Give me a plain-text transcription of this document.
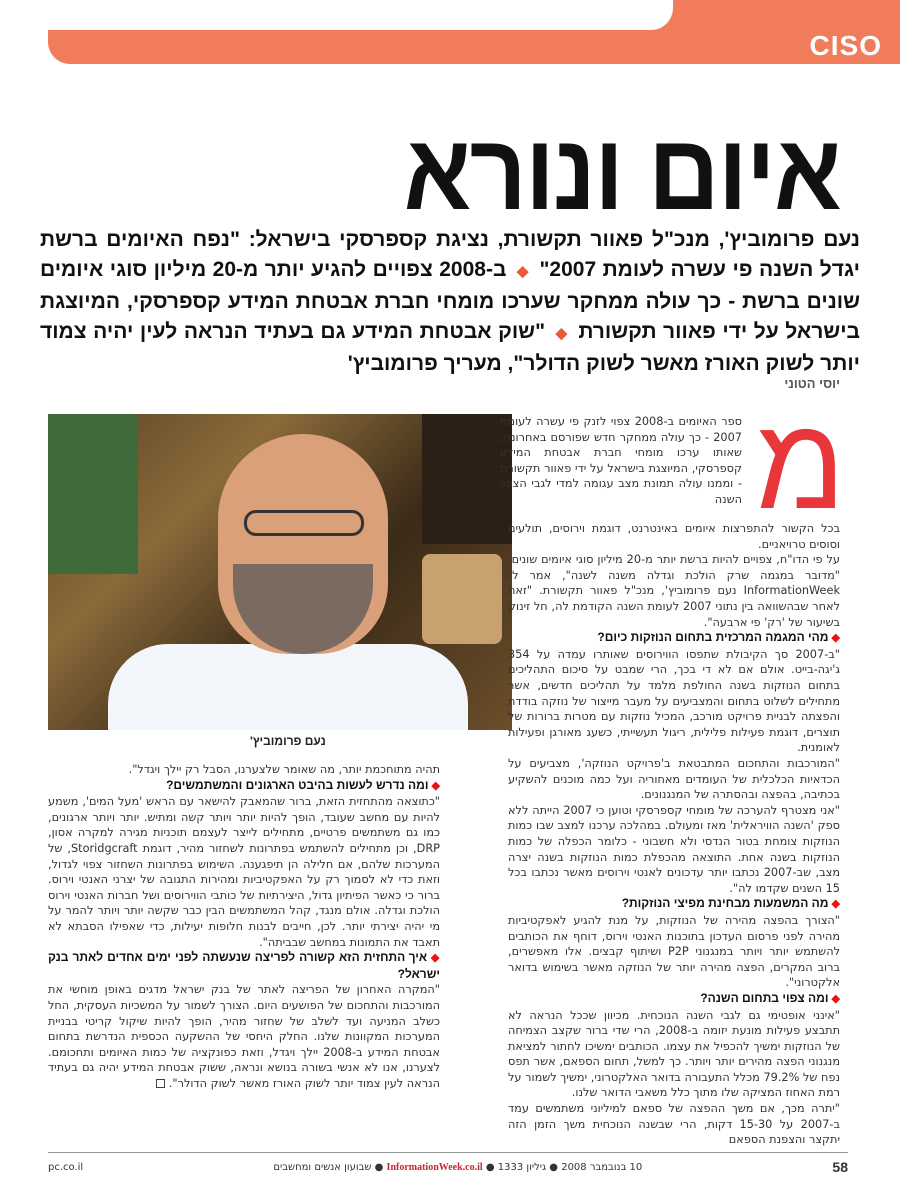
CISO
איום ונורא
נעם פרומוביץ', מנכ"ל פאוור תקשורת, נציגת קספרסקי בישראל: "נפח האיומים ברשת יגדל השנה פי עשרה לעומת 2007" ◆ ב-2008 צפויים להגיע יותר מ-20 מיליון סוגי איומים שונים ברשת - כך עולה ממחקר שערכו מומחי חברת אבטחת המידע קספרסקי, המיוצגת בישראל על ידי פאוור תקשורת ◆ "שוק אבטחת המידע גם בעתיד הנראה לעין יהיה צמוד יותר לשוק האורז מאשר לשוק הדולר", מעריך פרומוביץ'
יוסי הטוני
נעם פרומוביץ'
מ

ספר האיומים ב-2008 צפוי לזנק פי עשרה לעומת 2007 - כך עולה ממחקר חדש שפורסם באחרונה, שאותו ערכו מומחי חברת אבטחת המידע קספרסקי, המיוצגת בישראל על ידי פאוור תקשורת - וממנו עולה תמונת מצב עגומה למדי לגבי הצפוי השנה

בכל הקשור להתפרצות איומים באינטרנט, דוגמת וירוסים, תולעים וסוסים טרויאניים.

על פי הדו"ח, צפויים להיות ברשת יותר מ-20 מיליון סוגי איומים שונים. "מדובר במגמה שרק הולכת וגדלה משנה לשנה", אמר ל-InformationWeek נעם פרומוביץ', מנכ"ל פאוור תקשורת. "זאת לאחר שבהשוואה בין נתוני 2007 לעומת השנה הקודמת לה, חל זינוק בשיעור של 'רק' פי ארבעה".

◆ מהי המגמה המרכזית בתחום הנוזקות כיום?

"ב-2007 סך הקיבולת שתפסו הווירוסים שאותרו עמדה על 354 ג'יגה-בייט. אולם אם לא די בכך, הרי שמבט על סיכום התהליכים בתחום הנוזקות בשנה החולפת מלמד על תהליכים חדשים, אשר מתחילים לשלוט בתחום והמצביעים על מעבר מייצור של נוזקה בודדת והפצתה לבניית פרויקט מורכב, המכיל נוזקות עם מטרות ברורות של תוצרים, דוגמת פעילות פלילית, ריגול תעשייתי, כשעג מאורגן ופעילות לאומנית.

"המורכבות והתחכום המתבטאת ב'פרויקט הנוזקה', מצביעים על הכדאיות הכלכלית של העומדים מאחוריה ועל כמה מוכנים להשקיע בכתיבה, בהפצה ובהסתרה של המנגנונים.

"אני מצטרף להערכה של מומחי קספרסקי וטוען כי 2007 הייתה ללא ספק 'השנה הוויראלית' מאז ומעולם. במהלכה ערכנו למצב שבו כמות הנוזקות צומחת בטור הנדסי ולא חשבוני - כלומר הכפלה של כמות הנוזקות בשנה אחת. התוצאה מהכפלת כמות הנוזקות בשנה יצרה מצב, שב-2007 נכתבו יותר עדכונים לאנטי וירוסים מאשר נכתבו בכל 15 השנים שקדמו לה".

◆ מה המשמעות מבחינת מפיצי הנוזקות?

"הצורך בהפצה מהירה של הנוזקות, על מנת להגיע לאפקטיביות מהירה לפני פרסום העדכון בתוכנות האנטי וירוס, דוחף את הכותבים להשתמש יותר ויותר במנגנוני P2P ושיתוף קבצים. אלו מאפשרים, ברוב המקרים, הפצה מהירה יותר של הנוזקה מאשר בשימוש בדואר אלקטרוני".

◆ ומה צפוי בתחום השנה?

"אינני אופטימי גם לגבי השנה הנוכחית. מכיוון שככל הנראה לא תתבצע פעילות מונעת יזומה ב-2008, הרי שדי ברור שקצב הצמיחה של הנוזקות ימשיך להכפיל את עצמו. הכותבים ימשיכו לחתור למציאת מנגנוני הפצה מהירים יותר ויותר. כך למשל, תחום הספאם, אשר תפס נפח של 79.2% מכלל התעבורה בדואר האלקטרוני, ימשיך לשמור על רמת האחוז המציקה שלו מתוך כלל משאבי הדואר שלנו.

"יתרה מכך, אם משך ההפצה של ספאם למיליוני משתמשים עמד ב-2007 על 15-30 דקות, הרי שבשנה הנוכחית משך הזמן הזה יתקצר והצפנת הספאם

תהיה מתוחכמת יותר, מה שאומר שלצערנו, הסבל רק יילך ויגדל".

◆ ומה נדרש לעשות בהיבט הארגונים והמשתמשים?

"כתוצאה מהתחזית הזאת, ברור שהמאבק להישאר עם הראש 'מעל המים', משמע להיות עם מחשב שעובד, הופך להיות יותר ויותר קשה ומתיש. יותר ויותר ארגונים, כמו גם משתמשים פרטיים, מתחילים לייצר לעצמם תוכניות מגירה למקרה אסון, DRP, וכן מתחילים להשתמש בפתרונות לשחזור מהיר, דוגמת Storidgcraft, של המערכות שלהם, אם חלילה הן תיפגענה. השימוש בפתרונות השחזור צפוי לגדול, וזאת כדי לא לסמוך רק על האפקטיביות ומהירות התגובה של יצרני האנטי וירוס. ברור כי כאשר הפיתיון גדול, היצירתיות של כותבי הווירוסים ושל חברות האנטי וירוס הולכת וגדלה. אולם מנגד, קהל המשתמשים הבין כבר שקשה יותר ויותר להמר על מי יהיה יצירתי יותר. לכן, חייבים לבנות חלופות יעילות, כדי שאפילו הסבתא לא תאבד את התמונות במחשב שבביתה".

◆ איך התחזית הזא קשורה לפריצה שנעשתה לפני ימים אחדים לאתר בנק ישראל?

"המקרה האחרון של הפריצה לאתר של בנק ישראל מדגים באופן מוחשי את המורכבות והתחכום של הפושעים היום. הצורך לשמור על המשכיות העסקית, החל כשלב המניעה ועד לשלב של שחזור מהיר, הופך להיות שיקול קריטי בבניית המערכות המקוונות שלנו. החלק היחסי של ההשקעה הכספית הנדרשת בתחום אבטחת המידע ב-2008 יילך ויגדל, וזאת כפונקציה של כמות האיומים ותחכומם. לצערנו, אנו לא אנשי בשורה בנושא ונראה, ששוק אבטחת המידע יהיה גם בעתיד הנראה לעין צמוד יותר לשוק האורז מאשר לשוק הדולר".

pc.co.il	10 בנובמבר 2008 ● גיליון 1333 ● InformationWeek.co.il ● שבועון אנשים ומחשבים	58
